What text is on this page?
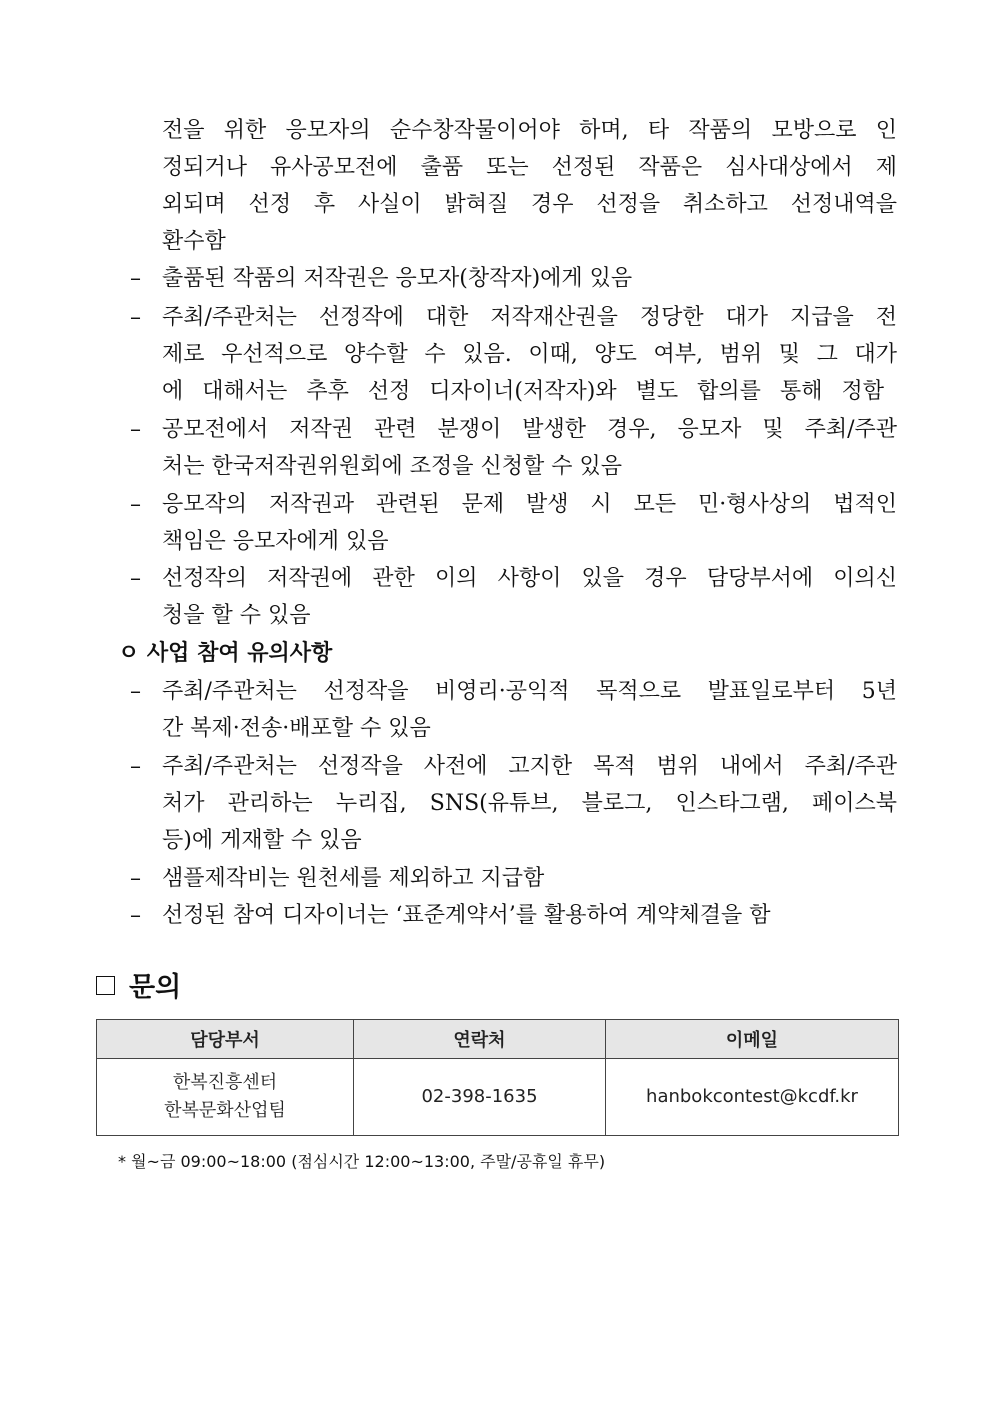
전을 위한 응모자의 순수창작물이어야 하며, 타 작품의 모방으로 인
정되거나 유사공모전에 출품 또는 선정된 작품은 심사대상에서 제
외되며 선정 후 사실이 밝혀질 경우 선정을 취소하고 선정내역을
환수함
– 출품된 작품의 저작권은 응모자(창작자)에게 있음
– 주최/주관처는 선정작에 대한 저작재산권을 정당한 대가 지급을 전
제로 우선적으로 양수할 수 있음. 이때, 양도 여부, 범위 및 그 대가
에 대해서는 추후 선정 디자이너(저작자)와 별도 합의를 통해 정함
– 공모전에서 저작권 관련 분쟁이 발생한 경우, 응모자 및 주최/주관
처는 한국저작권위원회에 조정을 신청할 수 있음
– 응모작의 저작권과 관련된 문제 발생 시 모든 민·형사상의 법적인
책임은 응모자에게 있음
– 선정작의 저작권에 관한 이의 사항이 있을 경우 담당부서에 이의신
청을 할 수 있음
ㅇ 사업 참여 유의사항
– 주최/주관처는 선정작을 비영리·공익적 목적으로 발표일로부터 5년
간 복제·전송·배포할 수 있음
– 주최/주관처는 선정작을 사전에 고지한 목적 범위 내에서 주최/주관
처가 관리하는 누리집, SNS(유튜브, 블로그, 인스타그램, 페이스북
등)에 게재할 수 있음
– 샘플제작비는 원천세를 제외하고 지급함
– 선정된 참여 디자이너는 ‘표준계약서’를 활용하여 계약체결을 함
문의
담당부서	연락처	이메일
한복진흥센터
한복문화산업팀	02-398-1635	hanbokcontest@kcdf.kr
* 월~금 09:00~18:00 (점심시간 12:00~13:00, 주말/공휴일 휴무)
